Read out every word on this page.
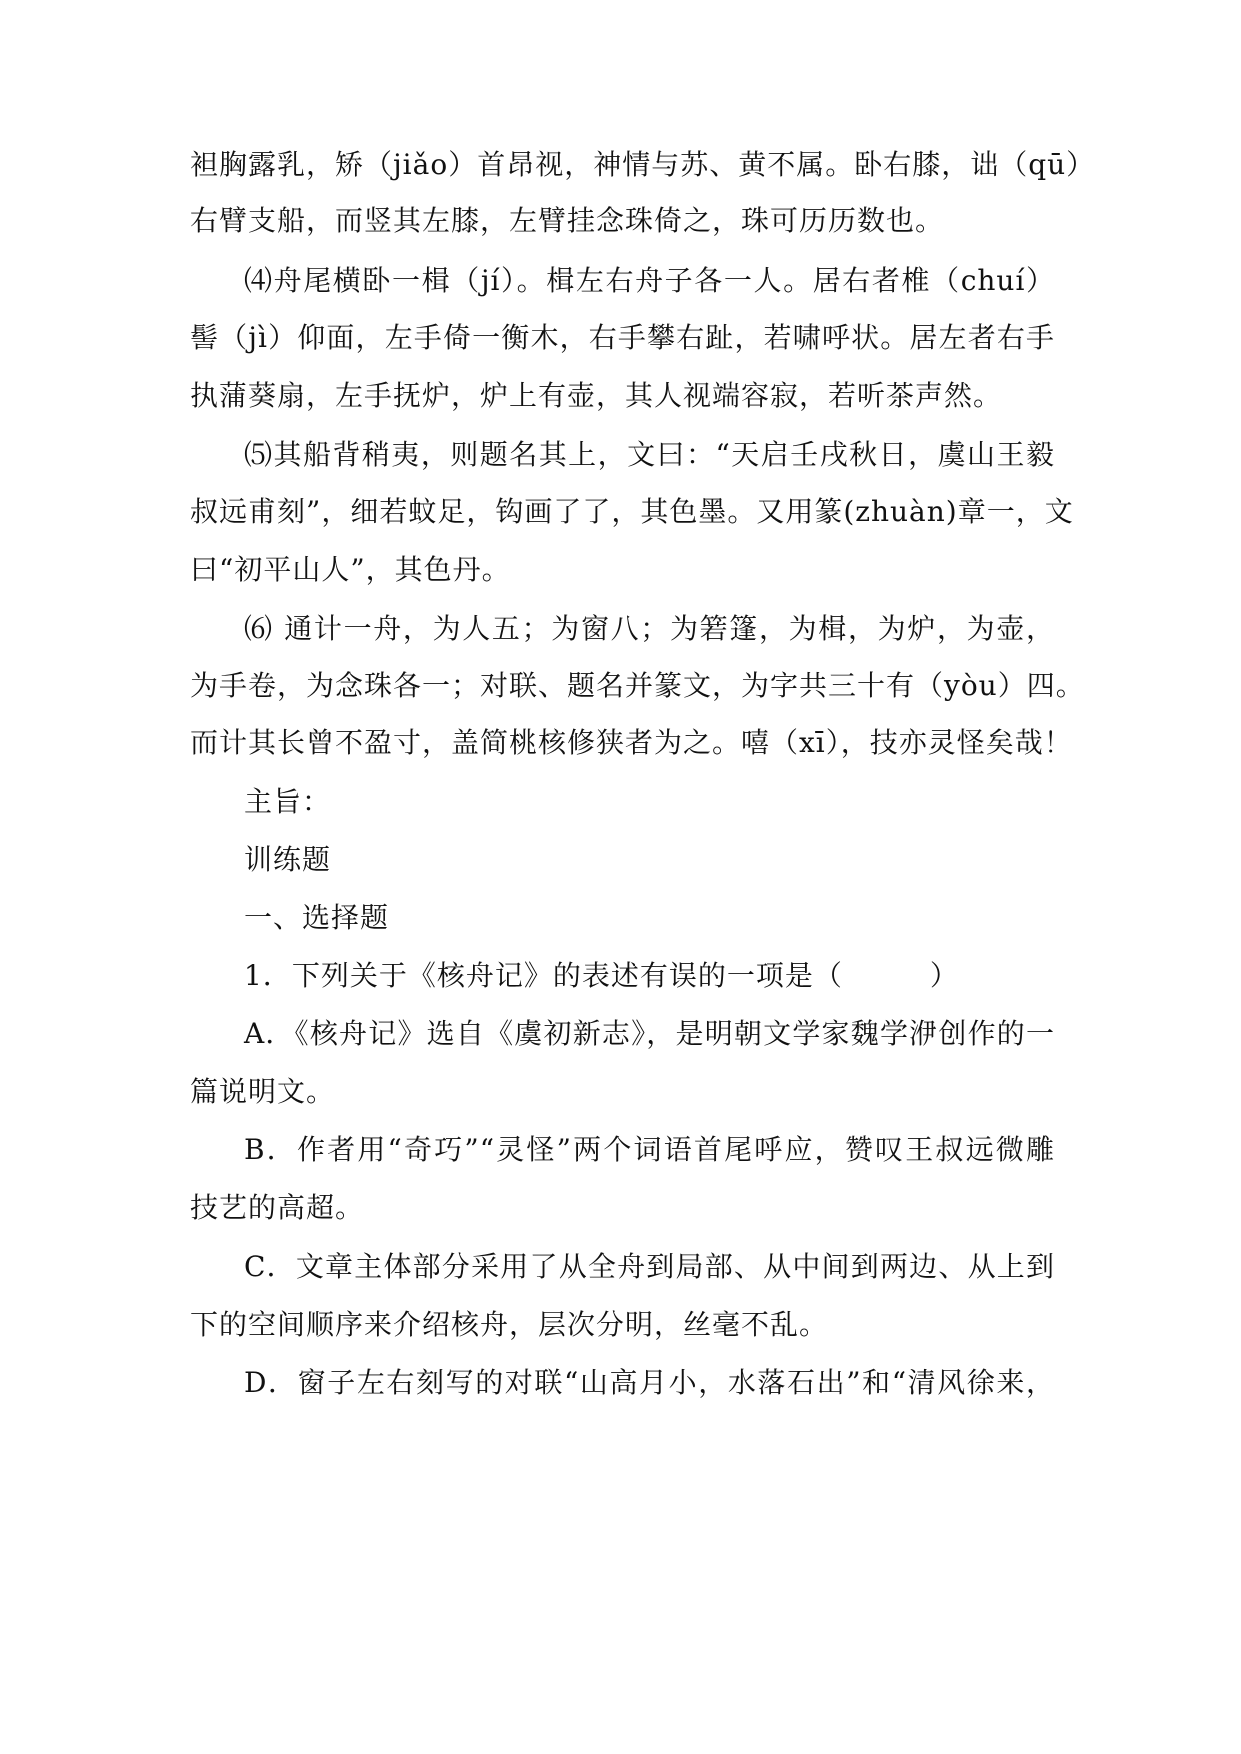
袒胸露乳，矫（jiǎo）首昂视，神情与苏、黄不属。卧右膝，诎（qū）
右臂支船，而竖其左膝，左臂挂念珠倚之，珠可历历数也。
⑷舟尾横卧一楫（jí）。楫左右舟子各一人。居右者椎（chuí）
髻（jì）仰面，左手倚一衡木，右手攀右趾，若啸呼状。居左者右手
执蒲葵扇，左手抚炉，炉上有壶，其人视端容寂，若听茶声然。
⑸其船背稍夷，则题名其上，文曰：“天启壬戌秋日，虞山王毅
叔远甫刻”，细若蚊足，钩画了了，其色墨。又用篆(zhuàn)章一，文
曰“初平山人”，其色丹。
⑹ 通计一舟，为人五；为窗八；为箬篷，为楫，为炉，为壶，
为手卷，为念珠各一；对联、题名并篆文，为字共三十有（yòu）四。
而计其长曾不盈寸，盖简桃核修狭者为之。嘻（xī），技亦灵怪矣哉！
主旨：
训练题
一、选择题
1．下列关于《核舟记》的表述有误的一项是（　　　）
A．《核舟记》选自《虞初新志》，是明朝文学家魏学洢创作的一
篇说明文。
B．作者用“奇巧”“灵怪”两个词语首尾呼应，赞叹王叔远微雕
技艺的高超。
C．文章主体部分采用了从全舟到局部、从中间到两边、从上到
下的空间顺序来介绍核舟，层次分明，丝毫不乱。
D．窗子左右刻写的对联“山高月小，水落石出”和“清风徐来，
